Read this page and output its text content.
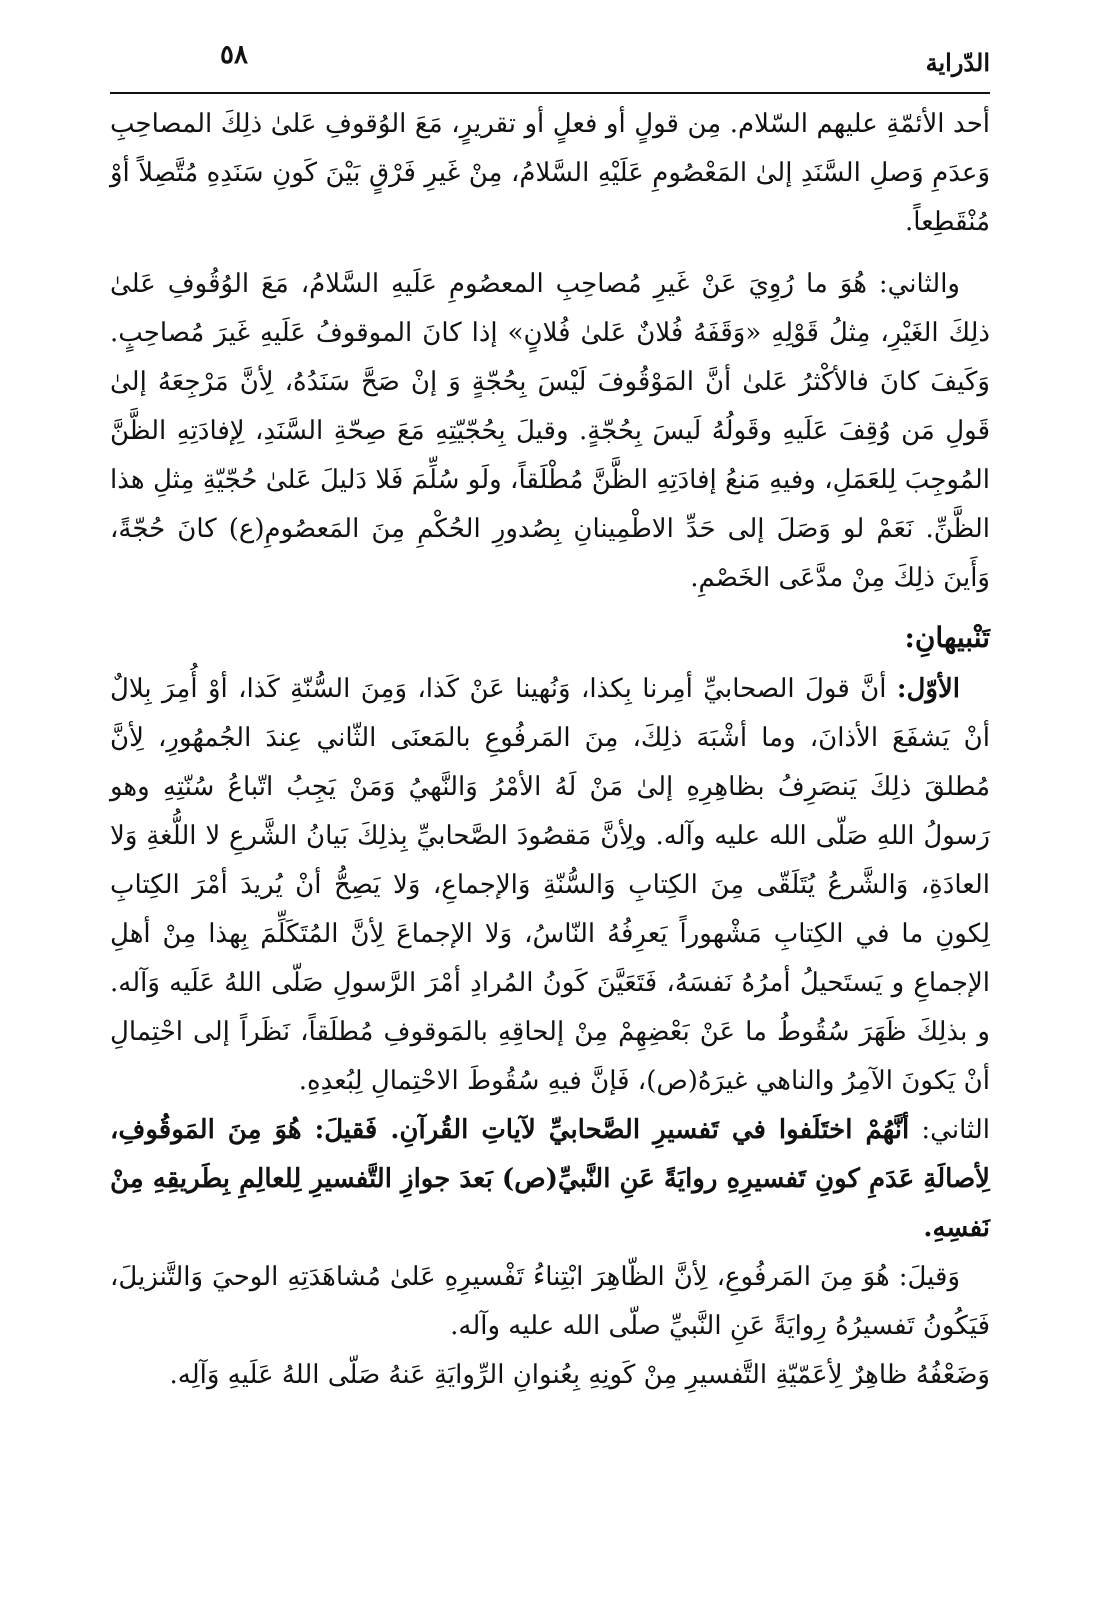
٥٨	الدّراية

أحد الأئمّةِ عليهم السّلام. مِن قولٍ أو فعلٍ أو تقريرٍ، مَعَ الوُقوفِ عَلىٰ ذلِكَ المصاحِبِ وَعدَمِ وَصلِ السَّنَدِ إلىٰ المَعْصُومِ عَلَيْهِ السَّلامُ، مِنْ غَيرِ فَرْقٍ بَيْنَ كَونِ سَنَدِهِ مُتَّصِلاً أوْ مُنْقَطِعاً.

والثاني: هُوَ ما رُوِيَ عَنْ غَيرِ مُصاحِبِ المعصُومِ عَلَيهِ السَّلامُ، مَعَ الوُقُوفِ عَلىٰ ذلِكَ الغَيْرِ، مِثلُ قَوْلِهِ «وَقَفَهُ فُلانٌ عَلىٰ فُلانٍ» إذا كانَ الموقوفُ عَلَيهِ غَيرَ مُصاحِبٍ. وَكَيفَ كانَ فالأكْثرُ عَلىٰ أنَّ المَوْقُوفَ لَيْسَ بِحُجّةٍ وَ إنْ صَحَّ سَنَدُهُ، لِأنَّ مَرْجِعَهُ إلىٰ قَولِ مَن وُقِفَ عَلَيهِ وقَولُهُ لَيسَ بِحُجّةٍ. وقيلَ بِحُجّيّتِهِ مَعَ صِحّةِ السَّنَدِ، لِإفادَتِهِ الظَّنَّ المُوجِبَ لِلعَمَلِ، وفيهِ مَنعُ إفادَتِهِ الظَّنَّ مُطْلَقاً، ولَو سُلِّمَ فَلا دَليلَ عَلىٰ حُجّيّةِ مِثلِ هذا الظَّنِّ. نَعَمْ لو وَصَلَ إلى حَدِّ الاطْمِينانِ بِصُدورِ الحُكْمِ مِنَ المَعصُومِ(ع) كانَ حُجّةً، وَأَينَ ذلِكَ مِنْ مدَّعَى الخَصْمِ.

تَنْبيهانِ:

الأوّل: أنَّ قولَ الصحابيِّ أمِرنا بِكذا، وَنُهينا عَنْ كَذا، وَمِنَ السُّنّةِ كَذا، أوْ أُمِرَ بِلالٌ أنْ يَشفَعَ الأذانَ، وما أشْبَهَ ذلِكَ، مِنَ المَرفُوعِ بالمَعنَى الثّاني عِندَ الجُمهُورِ، لِأنَّ مُطلقَ ذلِكَ يَنصَرِفُ بظاهِرِهِ إلىٰ مَنْ لَهُ الأمْرُ وَالنَّهيُ وَمَنْ يَجِبُ اتّباعُ سُنّتِهِ وهو رَسولُ اللهِ صَلّى الله عليه وآله. ولِأنَّ مَقصُودَ الصَّحابيِّ بِذلِكَ بَيانُ الشَّرعِ لا اللُّغةِ وَلا العادَةِ، وَالشَّرعُ يُتَلَقّى مِنَ الكِتابِ وَالسُّنّةِ وَالإجماعِ، وَلا يَصِحُّ أنْ يُريدَ أمْرَ الكِتابِ لِكونِ ما في الكِتابِ مَشْهوراً يَعرِفُهُ النّاسُ، وَلا الإجماعَ لِأنَّ المُتَكَلِّمَ بِهذا مِنْ أهلِ الإجماعِ و يَستَحيلُ أمرُهُ نَفسَهُ، فَتَعَيَّنَ كَونُ المُرادِ أمْرَ الرَّسولِ صَلّى اللهُ عَلَيه وَآله. و بذلِكَ ظَهَرَ سُقُوطُ ما عَنْ بَعْضِهِمْ مِنْ إلحاقِهِ بالمَوقوفِ مُطلَقاً، نَظَراً إلى احْتِمالِ أنْ يَكونَ الآمِرُ والناهي غيرَهُ(ص)، فَإنَّ فيهِ سُقُوطَ الاحْتِمالِ لِبُعدِهِ.

الثاني: أنَّهُمْ اختَلَفوا في تَفسيرِ الصَّحابيِّ لآياتِ القُرآنِ. فَقيلَ: هُوَ مِنَ المَوقُوفِ، لِأصالَةِ عَدَمِ كونِ تَفسيرِهِ روايَةً عَنِ النَّبيِّ(ص) بَعدَ جوازِ التَّفسيرِ لِلعالِمِ بِطَريقِهِ مِنْ نَفسِهِ.

وَقيلَ: هُوَ مِنَ المَرفُوعِ، لِأنَّ الظّاهِرَ ابْتِناءُ تَفْسيرِهِ عَلىٰ مُشاهَدَتِهِ الوحيَ وَالتَّنزيلَ، فَيَكُونُ تَفسيرُهُ رِوايَةً عَنِ النَّبيِّ صلّى الله عليه وآله.

وَضَعْفُهُ ظاهِرٌ لِأعَمّيّةِ التَّفسيرِ مِنْ كَونِهِ بِعُنوانِ الرِّوايَةِ عَنهُ صَلّى اللهُ عَلَيهِ وَآلِه.
